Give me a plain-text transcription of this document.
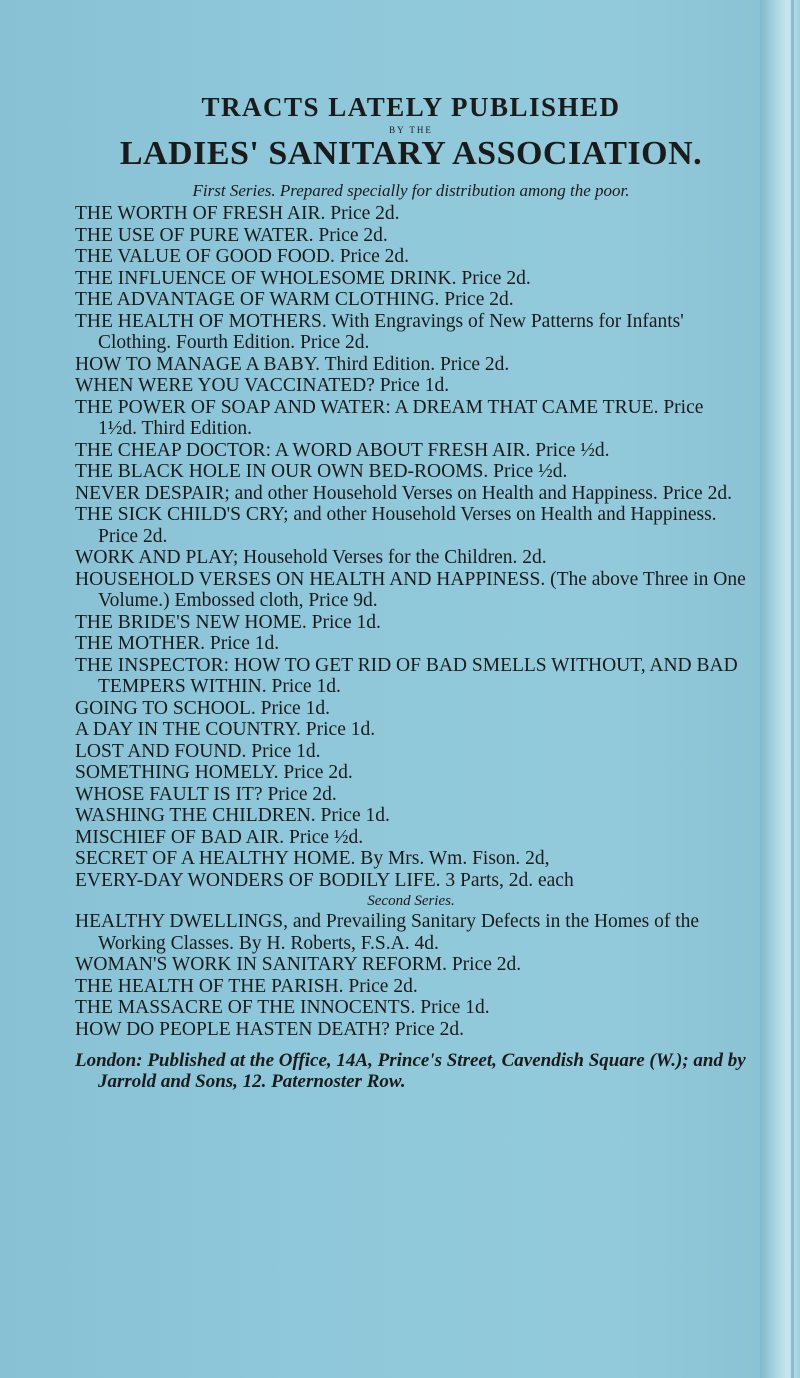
TRACTS LATELY PUBLISHED

BY THE

LADIES' SANITARY ASSOCIATION.

First Series. Prepared specially for distribution among the poor.

THE WORTH OF FRESH AIR. Price 2d.

THE USE OF PURE WATER. Price 2d.

THE VALUE OF GOOD FOOD. Price 2d.

THE INFLUENCE OF WHOLESOME DRINK. Price 2d.

THE ADVANTAGE OF WARM CLOTHING. Price 2d.

THE HEALTH OF MOTHERS. With Engravings of New Patterns for Infants' Clothing. Fourth Edition. Price 2d.

HOW TO MANAGE A BABY. Third Edition. Price 2d.

WHEN WERE YOU VACCINATED? Price 1d.

THE POWER OF SOAP AND WATER: A DREAM THAT CAME TRUE. Price 1½d. Third Edition.

THE CHEAP DOCTOR: A WORD ABOUT FRESH AIR. Price ½d.

THE BLACK HOLE IN OUR OWN BED-ROOMS. Price ½d.

NEVER DESPAIR; and other Household Verses on Health and Happiness. Price 2d.

THE SICK CHILD'S CRY; and other Household Verses on Health and Happiness. Price 2d.

WORK AND PLAY; Household Verses for the Children. 2d.

HOUSEHOLD VERSES ON HEALTH AND HAPPINESS. (The above Three in One Volume.) Embossed cloth, Price 9d.

THE BRIDE'S NEW HOME. Price 1d.

THE MOTHER. Price 1d.

THE INSPECTOR: HOW TO GET RID OF BAD SMELLS WITHOUT, AND BAD TEMPERS WITHIN. Price 1d.

GOING TO SCHOOL. Price 1d.

A DAY IN THE COUNTRY. Price 1d.

LOST AND FOUND. Price 1d.

SOMETHING HOMELY. Price 2d.

WHOSE FAULT IS IT? Price 2d.

WASHING THE CHILDREN. Price 1d.

MISCHIEF OF BAD AIR. Price ½d.

SECRET OF A HEALTHY HOME. By Mrs. Wm. Fison. 2d,

EVERY-DAY WONDERS OF BODILY LIFE. 3 Parts, 2d. each

Second Series.

HEALTHY DWELLINGS, and Prevailing Sanitary Defects in the Homes of the Working Classes. By H. Roberts, F.S.A. 4d.

WOMAN'S WORK IN SANITARY REFORM. Price 2d.

THE HEALTH OF THE PARISH. Price 2d.

THE MASSACRE OF THE INNOCENTS. Price 1d.

HOW DO PEOPLE HASTEN DEATH? Price 2d.

London: Published at the Office, 14A, Prince's Street, Cavendish Square (W.); and by Jarrold and Sons, 12. Paternoster Row.
